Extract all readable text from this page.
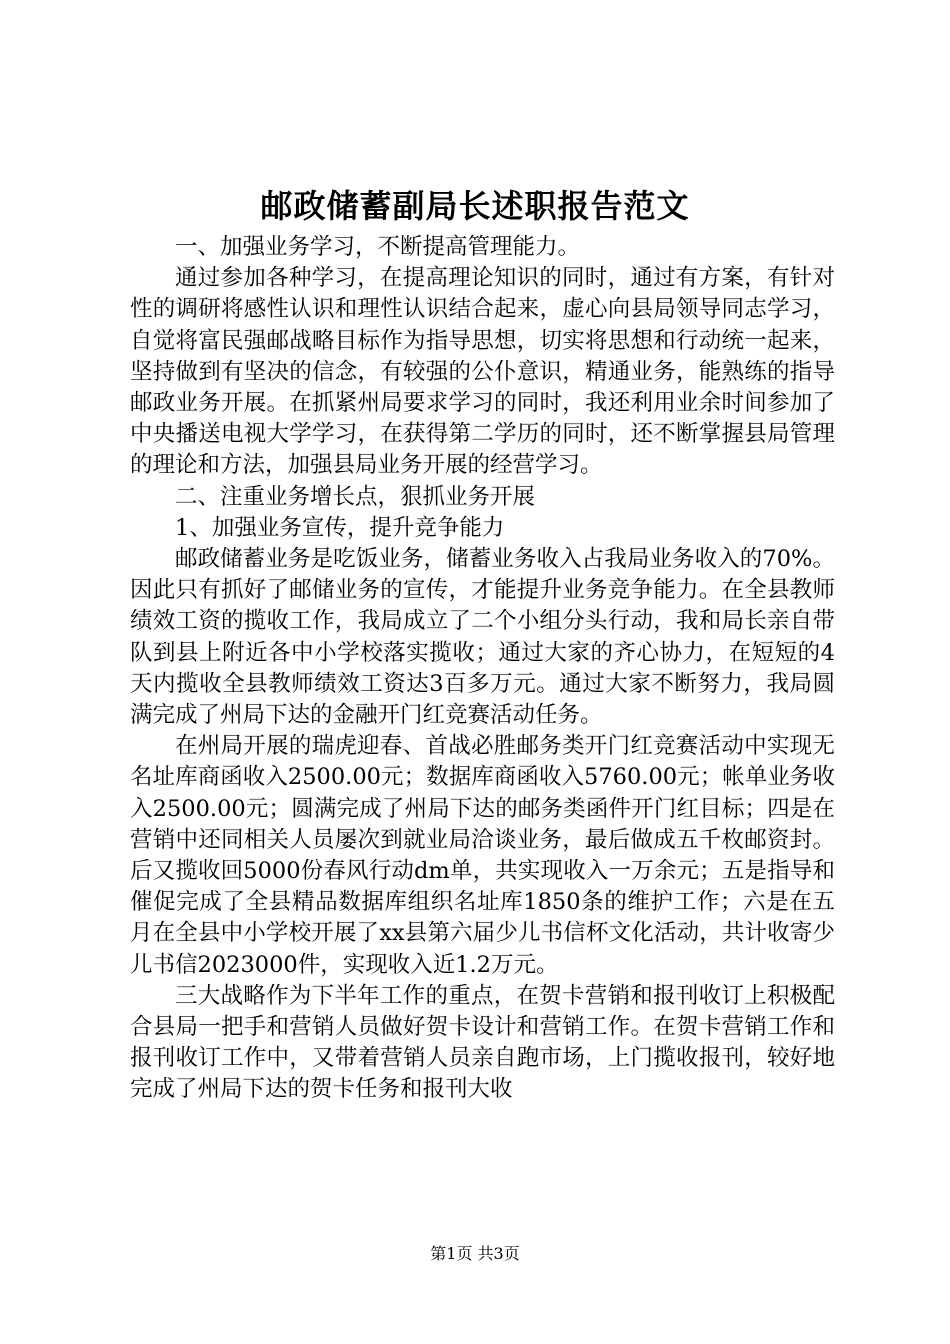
邮政储蓄副局长述职报告范文

一、加强业务学习，不断提高管理能力。

通过参加各种学习，在提高理论知识的同时，通过有方案，有针对性的调研将感性认识和理性认识结合起来，虚心向县局领导同志学习，自觉将富民强邮战略目标作为指导思想，切实将思想和行动统一起来，坚持做到有坚决的信念，有较强的公仆意识，精通业务，能熟练的指导邮政业务开展。在抓紧州局要求学习的同时，我还利用业余时间参加了中央播送电视大学学习，在获得第二学历的同时，还不断掌握县局管理的理论和方法，加强县局业务开展的经营学习。

二、注重业务增长点，狠抓业务开展

1、加强业务宣传，提升竞争能力

邮政储蓄业务是吃饭业务，储蓄业务收入占我局业务收入的70%。因此只有抓好了邮储业务的宣传，才能提升业务竞争能力。在全县教师绩效工资的揽收工作，我局成立了二个小组分头行动，我和局长亲自带队到县上附近各中小学校落实揽收；通过大家的齐心协力，在短短的4天内揽收全县教师绩效工资达3百多万元。通过大家不断努力，我局圆满完成了州局下达的金融开门红竞赛活动任务。

在州局开展的瑞虎迎春、首战必胜邮务类开门红竞赛活动中实现无名址库商函收入2500.00元；数据库商函收入5760.00元；帐单业务收入2500.00元；圆满完成了州局下达的邮务类函件开门红目标；四是在营销中还同相关人员屡次到就业局洽谈业务，最后做成五千枚邮资封。后又揽收回5000份春风行动dm单，共实现收入一万余元；五是指导和催促完成了全县精品数据库组织名址库1850条的维护工作；六是在五月在全县中小学校开展了xx县第六届少儿书信杯文化活动，共计收寄少儿书信2023000件，实现收入近1.2万元。

三大战略作为下半年工作的重点，在贺卡营销和报刊收订上积极配合县局一把手和营销人员做好贺卡设计和营销工作。在贺卡营销工作和报刊收订工作中，又带着营销人员亲自跑市场，上门揽收报刊，较好地完成了州局下达的贺卡任务和报刊大收

第1页 共3页
